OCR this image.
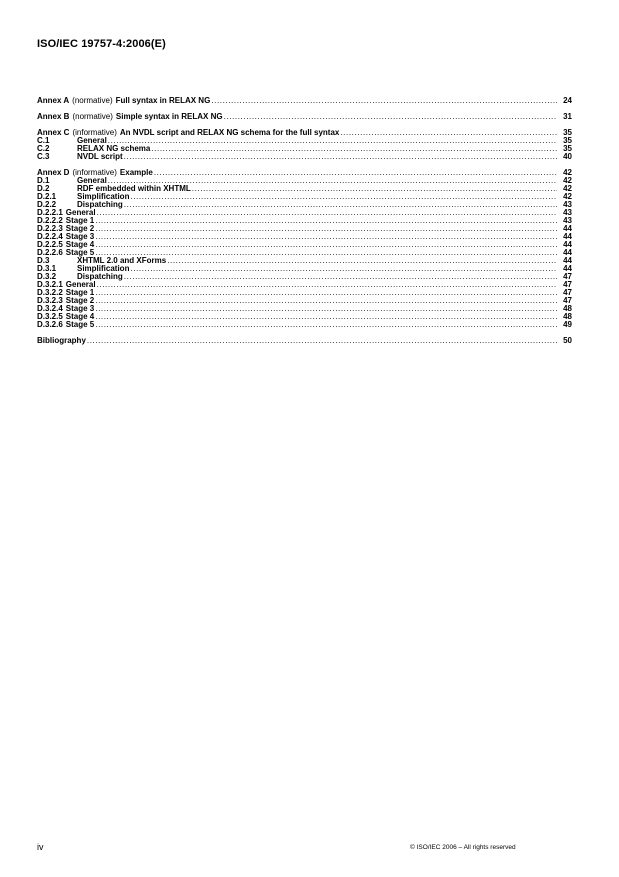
ISO/IEC 19757-4:2006(E)
Annex A (normative) Full syntax in RELAX NG .....	24
Annex B (normative) Simple syntax in RELAX NG .....	31
Annex C (informative) An NVDL script and RELAX NG schema for the full syntax .....	35
C.1	General .....	35
C.2	RELAX NG schema .....	35
C.3	NVDL script .....	40
Annex D (informative) Example .....	42
D.1	General .....	42
D.2	RDF embedded within XHTML .....	42
D.2.1	Simplification .....	42
D.2.2	Dispatching .....	43
D.2.2.1 General .....	43
D.2.2.2 Stage 1 .....	43
D.2.2.3 Stage 2 .....	44
D.2.2.4 Stage 3 .....	44
D.2.2.5 Stage 4 .....	44
D.2.2.6 Stage 5 .....	44
D.3	XHTML 2.0 and XForms .....	44
D.3.1	Simplification .....	44
D.3.2	Dispatching .....	47
D.3.2.1 General .....	47
D.3.2.2 Stage 1 .....	47
D.3.2.3 Stage 2 .....	47
D.3.2.4 Stage 3 .....	48
D.3.2.5 Stage 4 .....	48
D.3.2.6 Stage 5 .....	49
Bibliography .....	50
iv	© ISO/IEC 2006 – All rights reserved
